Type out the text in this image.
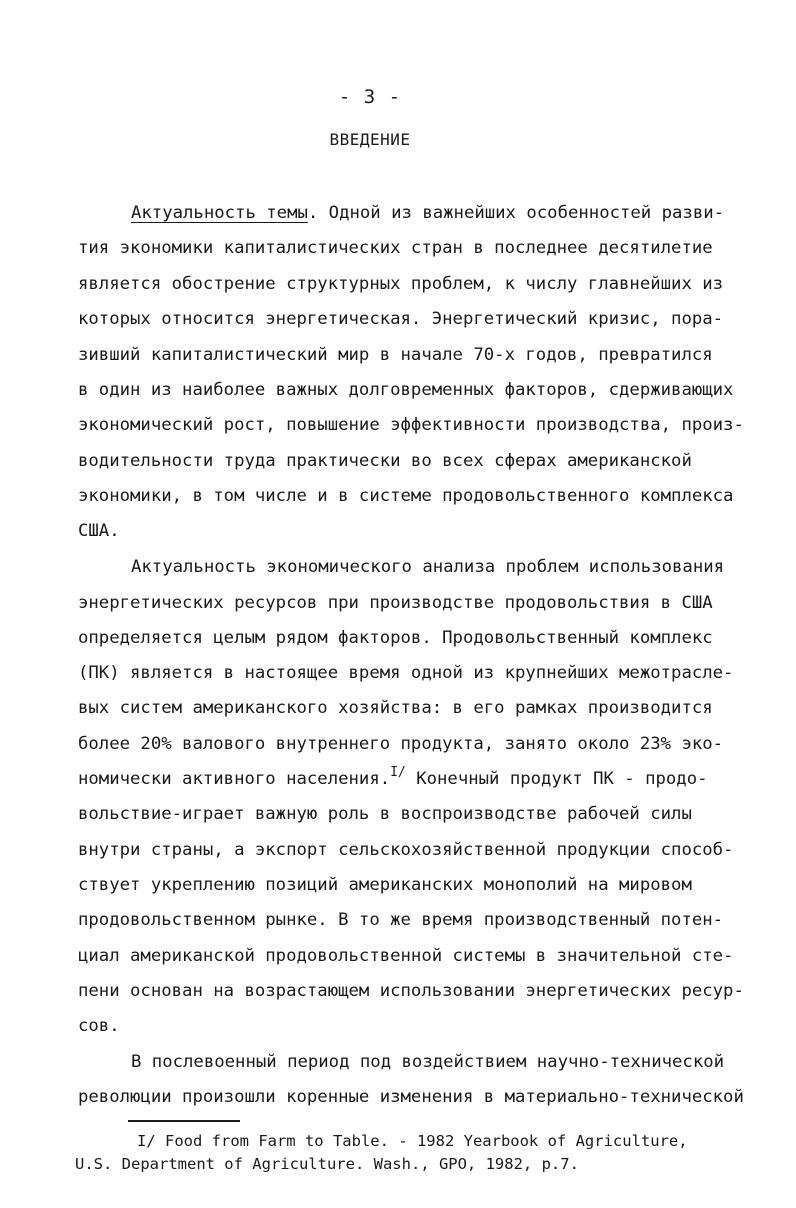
- 3 -
ВВЕДЕНИЕ
Актуальность темы. Одной из важнейших особенностей разви-
тия экономики капиталистических стран в последнее десятилетие
является обострение структурных проблем, к числу главнейших из
которых относится энергетическая. Энергетический кризис, пора-
зивший капиталистический мир в начале 70-х годов, превратился
в один из наиболее важных долговременных факторов, сдерживающих
экономический рост, повышение эффективности производства, произ-
водительности труда практически во всех сферах американской
экономики, в том числе и в системе продовольственного комплекса
США.
Актуальность экономического анализа проблем использования
энергетических ресурсов при производстве продовольствия в США
определяется целым рядом факторов. Продовольственный комплекс
(ПК) является в настоящее время одной из крупнейших межотрасле-
вых систем американского хозяйства: в его рамках производится
более 20% валового внутреннего продукта, занято около 23% эко-
номически активного населения.$^{I/}$ Конечный продукт ПК - продо-
вольствие-играет важную роль в воспроизводстве рабочей силы
внутри страны, а экспорт сельскохозяйственной продукции способ-
ствует укреплению позиций американских монополий на мировом
продовольственном рынке. В то же время производственный потен-
циал американской продовольственной системы в значительной сте-
пени основан на возрастающем использовании энергетических ресур-
сов.
В послевоенный период под воздействием научно-технической
революции произошли коренные изменения в материально-технической
I/ Food from Farm to Table. - 1982 Yearbook of Agriculture,
U.S. Department of Agriculture. Wash., GPO, 1982, p.7.
